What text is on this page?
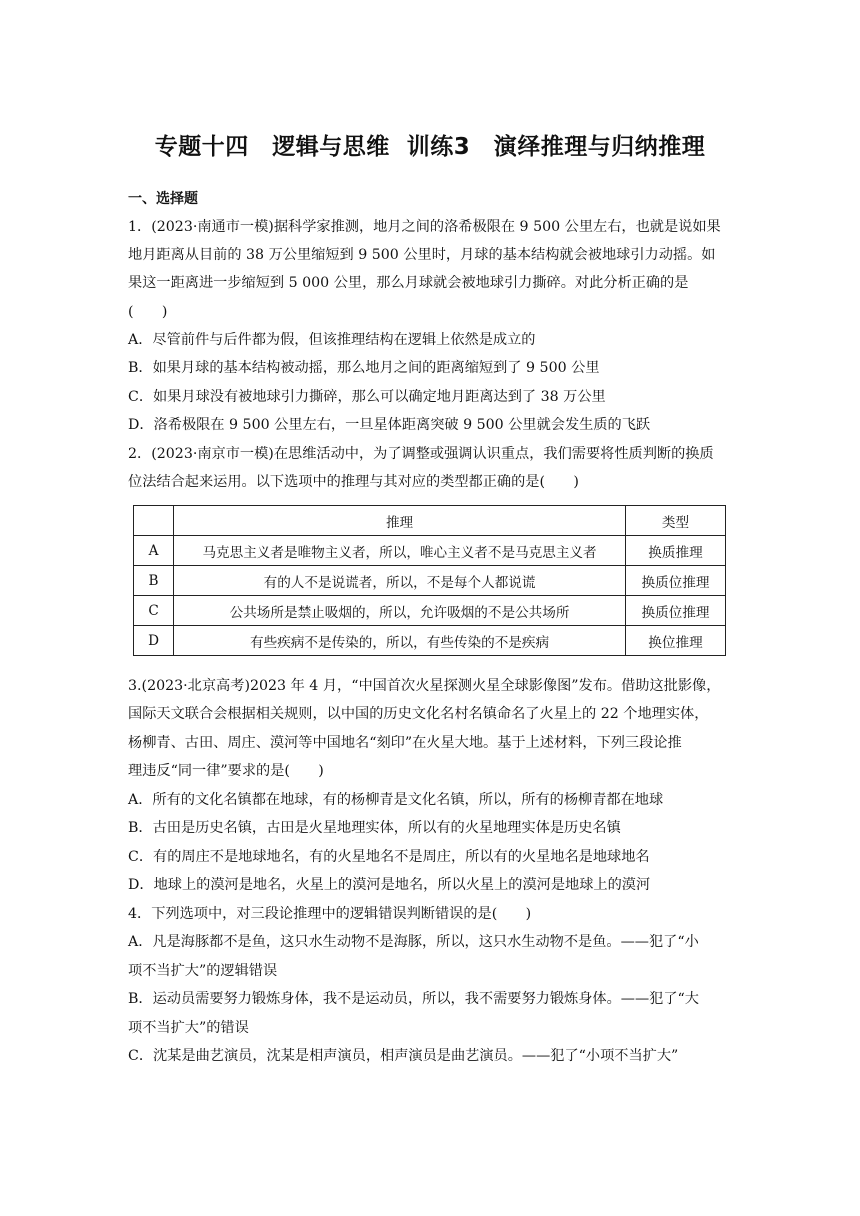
专题十四　逻辑与思维  训练3　演绎推理与归纳推理
一、选择题
1．(2023·南通市一模)据科学家推测，地月之间的洛希极限在 9 500 公里左右，也就是说如果
地月距离从目前的 38 万公里缩短到 9 500 公里时，月球的基本结构就会被地球引力动摇。如
果这一距离进一步缩短到 5 000 公里，那么月球就会被地球引力撕碎。对此分析正确的是
(　　)
A．尽管前件与后件都为假，但该推理结构在逻辑上依然是成立的
B．如果月球的基本结构被动摇，那么地月之间的距离缩短到了 9 500 公里
C．如果月球没有被地球引力撕碎，那么可以确定地月距离达到了 38 万公里
D．洛希极限在 9 500 公里左右，一旦星体距离突破 9 500 公里就会发生质的飞跃
2．(2023·南京市一模)在思维活动中，为了调整或强调认识重点，我们需要将性质判断的换质
位法结合起来运用。以下选项中的推理与其对应的类型都正确的是(　　)
	推理	类型
A	马克思主义者是唯物主义者，所以，唯心主义者不是马克思主义者	换质推理
B	有的人不是说谎者，所以，不是每个人都说谎	换质位推理
C	公共场所是禁止吸烟的，所以，允许吸烟的不是公共场所	换质位推理
D	有些疾病不是传染的，所以，有些传染的不是疾病	换位推理
3.(2023·北京高考)2023 年 4 月，“中国首次火星探测火星全球影像图”发布。借助这批影像，
国际天文联合会根据相关规则，以中国的历史文化名村名镇命名了火星上的 22 个地理实体，
杨柳青、古田、周庄、漠河等中国地名“刻印”在火星大地。基于上述材料，下列三段论推
理违反“同一律”要求的是(　　)
A．所有的文化名镇都在地球，有的杨柳青是文化名镇，所以，所有的杨柳青都在地球
B．古田是历史名镇，古田是火星地理实体，所以有的火星地理实体是历史名镇
C．有的周庄不是地球地名，有的火星地名不是周庄，所以有的火星地名是地球地名
D．地球上的漠河是地名，火星上的漠河是地名，所以火星上的漠河是地球上的漠河
4．下列选项中，对三段论推理中的逻辑错误判断错误的是(　　)
A．凡是海豚都不是鱼，这只水生动物不是海豚，所以，这只水生动物不是鱼。——犯了“小
项不当扩大”的逻辑错误
B．运动员需要努力锻炼身体，我不是运动员，所以，我不需要努力锻炼身体。——犯了“大
项不当扩大”的错误
C．沈某是曲艺演员，沈某是相声演员，相声演员是曲艺演员。——犯了“小项不当扩大”
